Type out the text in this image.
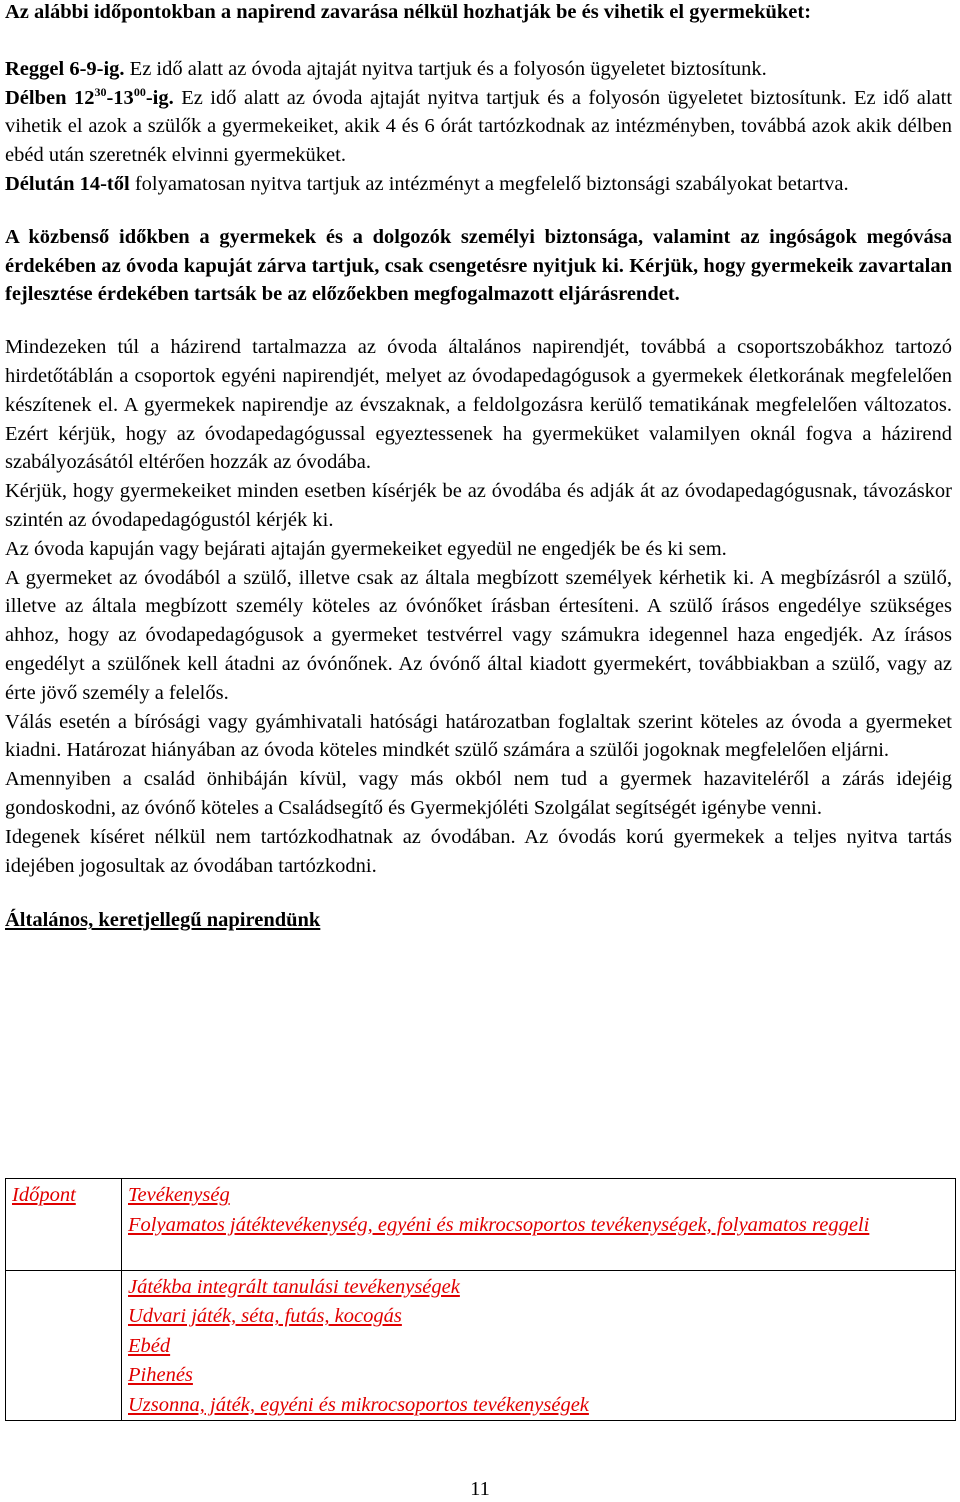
Az alábbi időpontokban a napirend zavarása nélkül hozhatják be és vihetik el gyermeküket:

Reggel 6-9-ig. Ez idő alatt az óvoda ajtaját nyitva tartjuk és a folyosón ügyeletet biztosítunk.
Délben $12^{30}-13^{00}-ig$. Ez idő alatt az óvoda ajtaját nyitva tartjuk és a folyosón ügyeletet biztosítunk. Ez idő alatt vihetik el azok a szülők a gyermekeiket, akik 4 és 6 órát tartózkodnak az intézményben, továbbá azok akik délben ebéd után szeretnék elvinni gyermeküket.
Délután 14-től folyamatosan nyitva tartjuk az intézményt a megfelelő biztonsági szabályokat betartva.

A közbenső időkben a gyermekek és a dolgozók személyi biztonsága, valamint az ingóságok megóvása érdekében az óvoda kapuját zárva tartjuk, csak csengetésre nyitjuk ki. Kérjük, hogy gyermekeik zavartalan fejlesztése érdekében tartsák be az előzőekben megfogalmazott eljárásrendet.

Mindezeken túl a házirend tartalmazza az óvoda általános napirendjét, továbbá a csoportszobákhoz tartozó hirdetőtáblán a csoportok egyéni napirendjét, melyet az óvodapedagógusok a gyermekek életkorának megfelelően készítenek el. A gyermekek napirendje az évszaknak, a feldolgozásra kerülő tematikának megfelelően változatos. Ezért kérjük, hogy az óvodapedagógussal egyeztessenek ha gyermeküket valamilyen oknál fogva a házirend szabályozásától eltérően hozzák az óvodába.

Kérjük, hogy gyermekeiket minden esetben kísérjék be az óvodába és adják át az óvodapedagógusnak, távozáskor szintén az óvodapedagógustól kérjék ki.

Az óvoda kapuján vagy bejárati ajtaján gyermekeiket egyedül ne engedjék be és ki sem.

A gyermeket az óvodából a szülő, illetve csak az általa megbízott személyek kérhetik ki. A megbízásról a szülő, illetve az általa megbízott személy köteles az óvónőket írásban értesíteni. A szülő írásos engedélye szükséges ahhoz, hogy az óvodapedagógusok a gyermeket testvérrel vagy számukra idegennel haza engedjék. Az írásos engedélyt a szülőnek kell átadni az óvónőnek. Az óvónő által kiadott gyermekért, továbbiakban a szülő, vagy az érte jövő személy a felelős.

Válás esetén a bírósági vagy gyámhivatali hatósági határozatban foglaltak szerint köteles az óvoda a gyermeket kiadni. Határozat hiányában az óvoda köteles mindkét szülő számára a szülői jogoknak megfelelően eljárni.

Amennyiben a család önhibáján kívül, vagy más okból nem tud a gyermek hazaviteléről a zárás idejéig gondoskodni, az óvónő köteles a Családsegítő és Gyermekjóléti Szolgálat segítségét igénybe venni.

Idegenek kíséret nélkül nem tartózkodhatnak az óvodában. Az óvodás korú gyermekek a teljes nyitva tartás idejében jogosultak az óvodában tartózkodni.

Általános, keretjellegű napirendünk

Időpont	Tevékenység
Folyamatos játéktevékenység, egyéni és mikrocsoportos tevékenységek, folyamatos reggeli

	Játékba integrált tanulási tevékenységek
Udvari játék, séta, futás, kocogás
Ebéd
Pihenés
Uzsonna, játék, egyéni és mikrocsoportos tevékenységek
11
